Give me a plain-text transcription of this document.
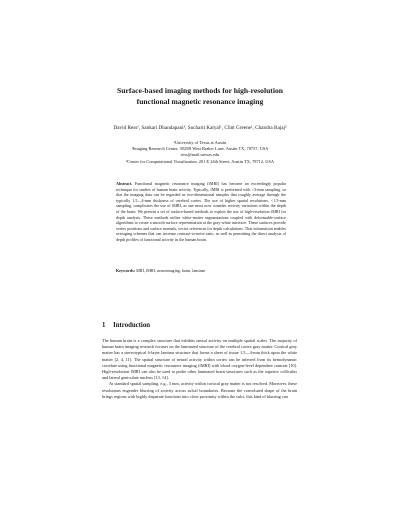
Surface-based imaging methods for high-resolution
functional magnetic resonance imaging
David Ress¹, Sankari Dhandapani¹, Sucharit Katyal¹, Clint Greene¹, Chandra Bajaj²
¹University of Texas at Austin
¹Imaging Research Center, 3925B West Braker Lane, Austin TX, 78757, USA
ress@mail.utexas.edu
²Center for Computational Visualization, 201 E 24th Street, Austin TX, 78712, USA
Abstract. Functional magnetic resonance imaging (fMRI) has become an exceedingly popular technique for studies of human brain activity. Typically, fMRI is performed with >3-mm sampling, so that the imaging data can be regarded as two-dimensional samples that roughly average through the typically 1.5—4-mm thickness of cerebral cortex. The use of higher spatial resolutions, <1.5-mm sampling, complicates the use of fMRI, as one must now consider activity variations within the depth of the brain. We present a set of surface-based methods to exploit the use of high-resolution fMRI for depth analysis. These methods utilize white-matter segmentations coupled with deformable-surface algorithms to create a smooth surface representation at the gray-white interface. These surfaces provide vertex positions and surface normals, vector references for depth calculations. That information enables averaging schemes that can increase contrast-to-noise ratio, as well as permitting the direct analysis of depth profiles of functional activity in the human brain.
Keywords: MRI, fMRI, neuroimaging, brain, laminae
1 Introduction

The human brain is a complex structure that exhibits neural activity on multiple spatial scales. The majority of human brain imaging research focuses on the laminated structure of the cerebral cortex gray matter. Cortical gray matter has a stereotypical 6-layer laminar structure that forms a sheet of tissue 1.5—4-mm thick upon the white matter [2, 4, 11]. The spatial structure of neural activity within cortex can be inferred from its hemodynamic correlate using functional magnetic resonance imaging (fMRI) with blood oxygen-level dependent contrast [10]. High-resolution fMRI can also be used to probe other laminated brain structures such as the superior colliculus and lateral geniculate nucleus [13, 14].

At standard spatial sampling, e.g., 3 mm, activity within cortical gray matter is not resolved. Moreover, these resolutions engender blurring of activity across sulcal boundaries. Because the convoluted shape of the brain brings regions with highly disparate functions into close proximity within the sulci, this kind of blurring can
